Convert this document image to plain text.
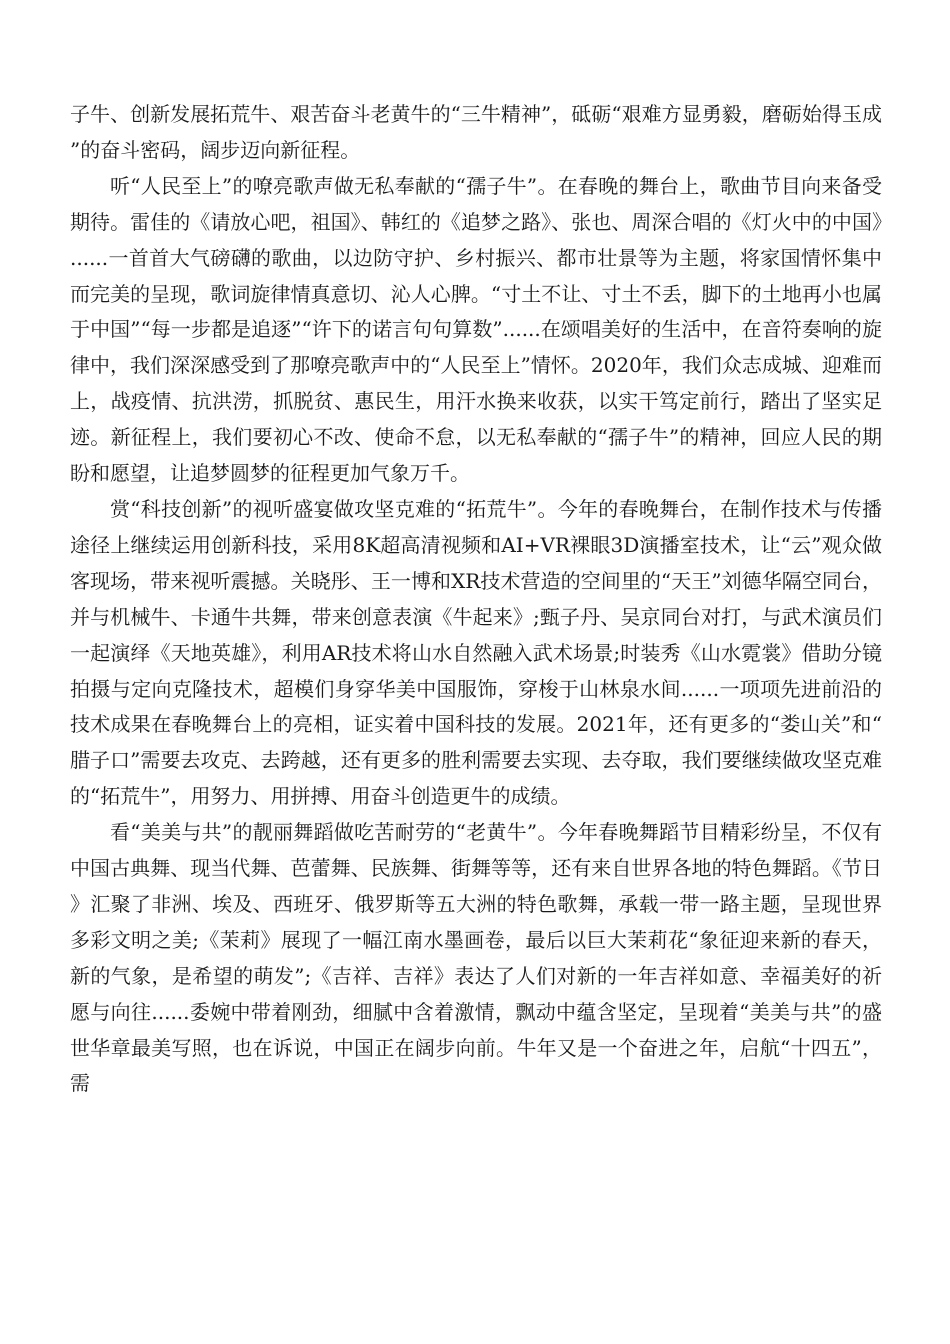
子牛、创新发展拓荒牛、艰苦奋斗老黄牛的“三牛精神”，砥砺“艰难方显勇毅，磨砺始得玉成”的奋斗密码，阔步迈向新征程。

听“人民至上”的嘹亮歌声做无私奉献的“孺子牛”。在春晚的舞台上，歌曲节目向来备受期待。雷佳的《请放心吧，祖国》、韩红的《追梦之路》、张也、周深合唱的《灯火中的中国》......一首首大气磅礴的歌曲，以边防守护、乡村振兴、都市壮景等为主题，将家国情怀集中而完美的呈现，歌词旋律情真意切、沁人心脾。“寸土不让、寸土不丢，脚下的土地再小也属于中国”“每一步都是追逐”“许下的诺言句句算数”......在颂唱美好的生活中，在音符奏响的旋律中，我们深深感受到了那嘹亮歌声中的“人民至上”情怀。2020年，我们众志成城、迎难而上，战疫情、抗洪涝，抓脱贫、惠民生，用汗水换来收获，以实干笃定前行，踏出了坚实足迹。新征程上，我们要初心不改、使命不怠，以无私奉献的“孺子牛”的精神，回应人民的期盼和愿望，让追梦圆梦的征程更加气象万千。

赏“科技创新”的视听盛宴做攻坚克难的“拓荒牛”。今年的春晚舞台，在制作技术与传播途径上继续运用创新科技，采用8K超高清视频和AI+VR裸眼3D演播室技术，让“云”观众做客现场，带来视听震撼。关晓彤、王一博和XR技术营造的空间里的“天王”刘德华隔空同台，并与机械牛、卡通牛共舞，带来创意表演《牛起来》;甄子丹、吴京同台对打，与武术演员们一起演绎《天地英雄》，利用AR技术将山水自然融入武术场景;时装秀《山水霓裳》借助分镜拍摄与定向克隆技术，超模们身穿华美中国服饰，穿梭于山林泉水间......一项项先进前沿的技术成果在春晚舞台上的亮相，证实着中国科技的发展。2021年，还有更多的“娄山关”和“腊子口”需要去攻克、去跨越，还有更多的胜利需要去实现、去夺取，我们要继续做攻坚克难的“拓荒牛”，用努力、用拼搏、用奋斗创造更牛的成绩。

看“美美与共”的靓丽舞蹈做吃苦耐劳的“老黄牛”。今年春晚舞蹈节目精彩纷呈，不仅有中国古典舞、现当代舞、芭蕾舞、民族舞、街舞等等，还有来自世界各地的特色舞蹈。《节日》汇聚了非洲、埃及、西班牙、俄罗斯等五大洲的特色歌舞，承载一带一路主题，呈现世界多彩文明之美;《茉莉》展现了一幅江南水墨画卷，最后以巨大茉莉花“象征迎来新的春天，新的气象，是希望的萌发”;《吉祥、吉祥》表达了人们对新的一年吉祥如意、幸福美好的祈愿与向往......委婉中带着刚劲，细腻中含着激情，飘动中蕴含坚定，呈现着“美美与共”的盛世华章最美写照，也在诉说，中国正在阔步向前。牛年又是一个奋进之年，启航“十四五”，需
